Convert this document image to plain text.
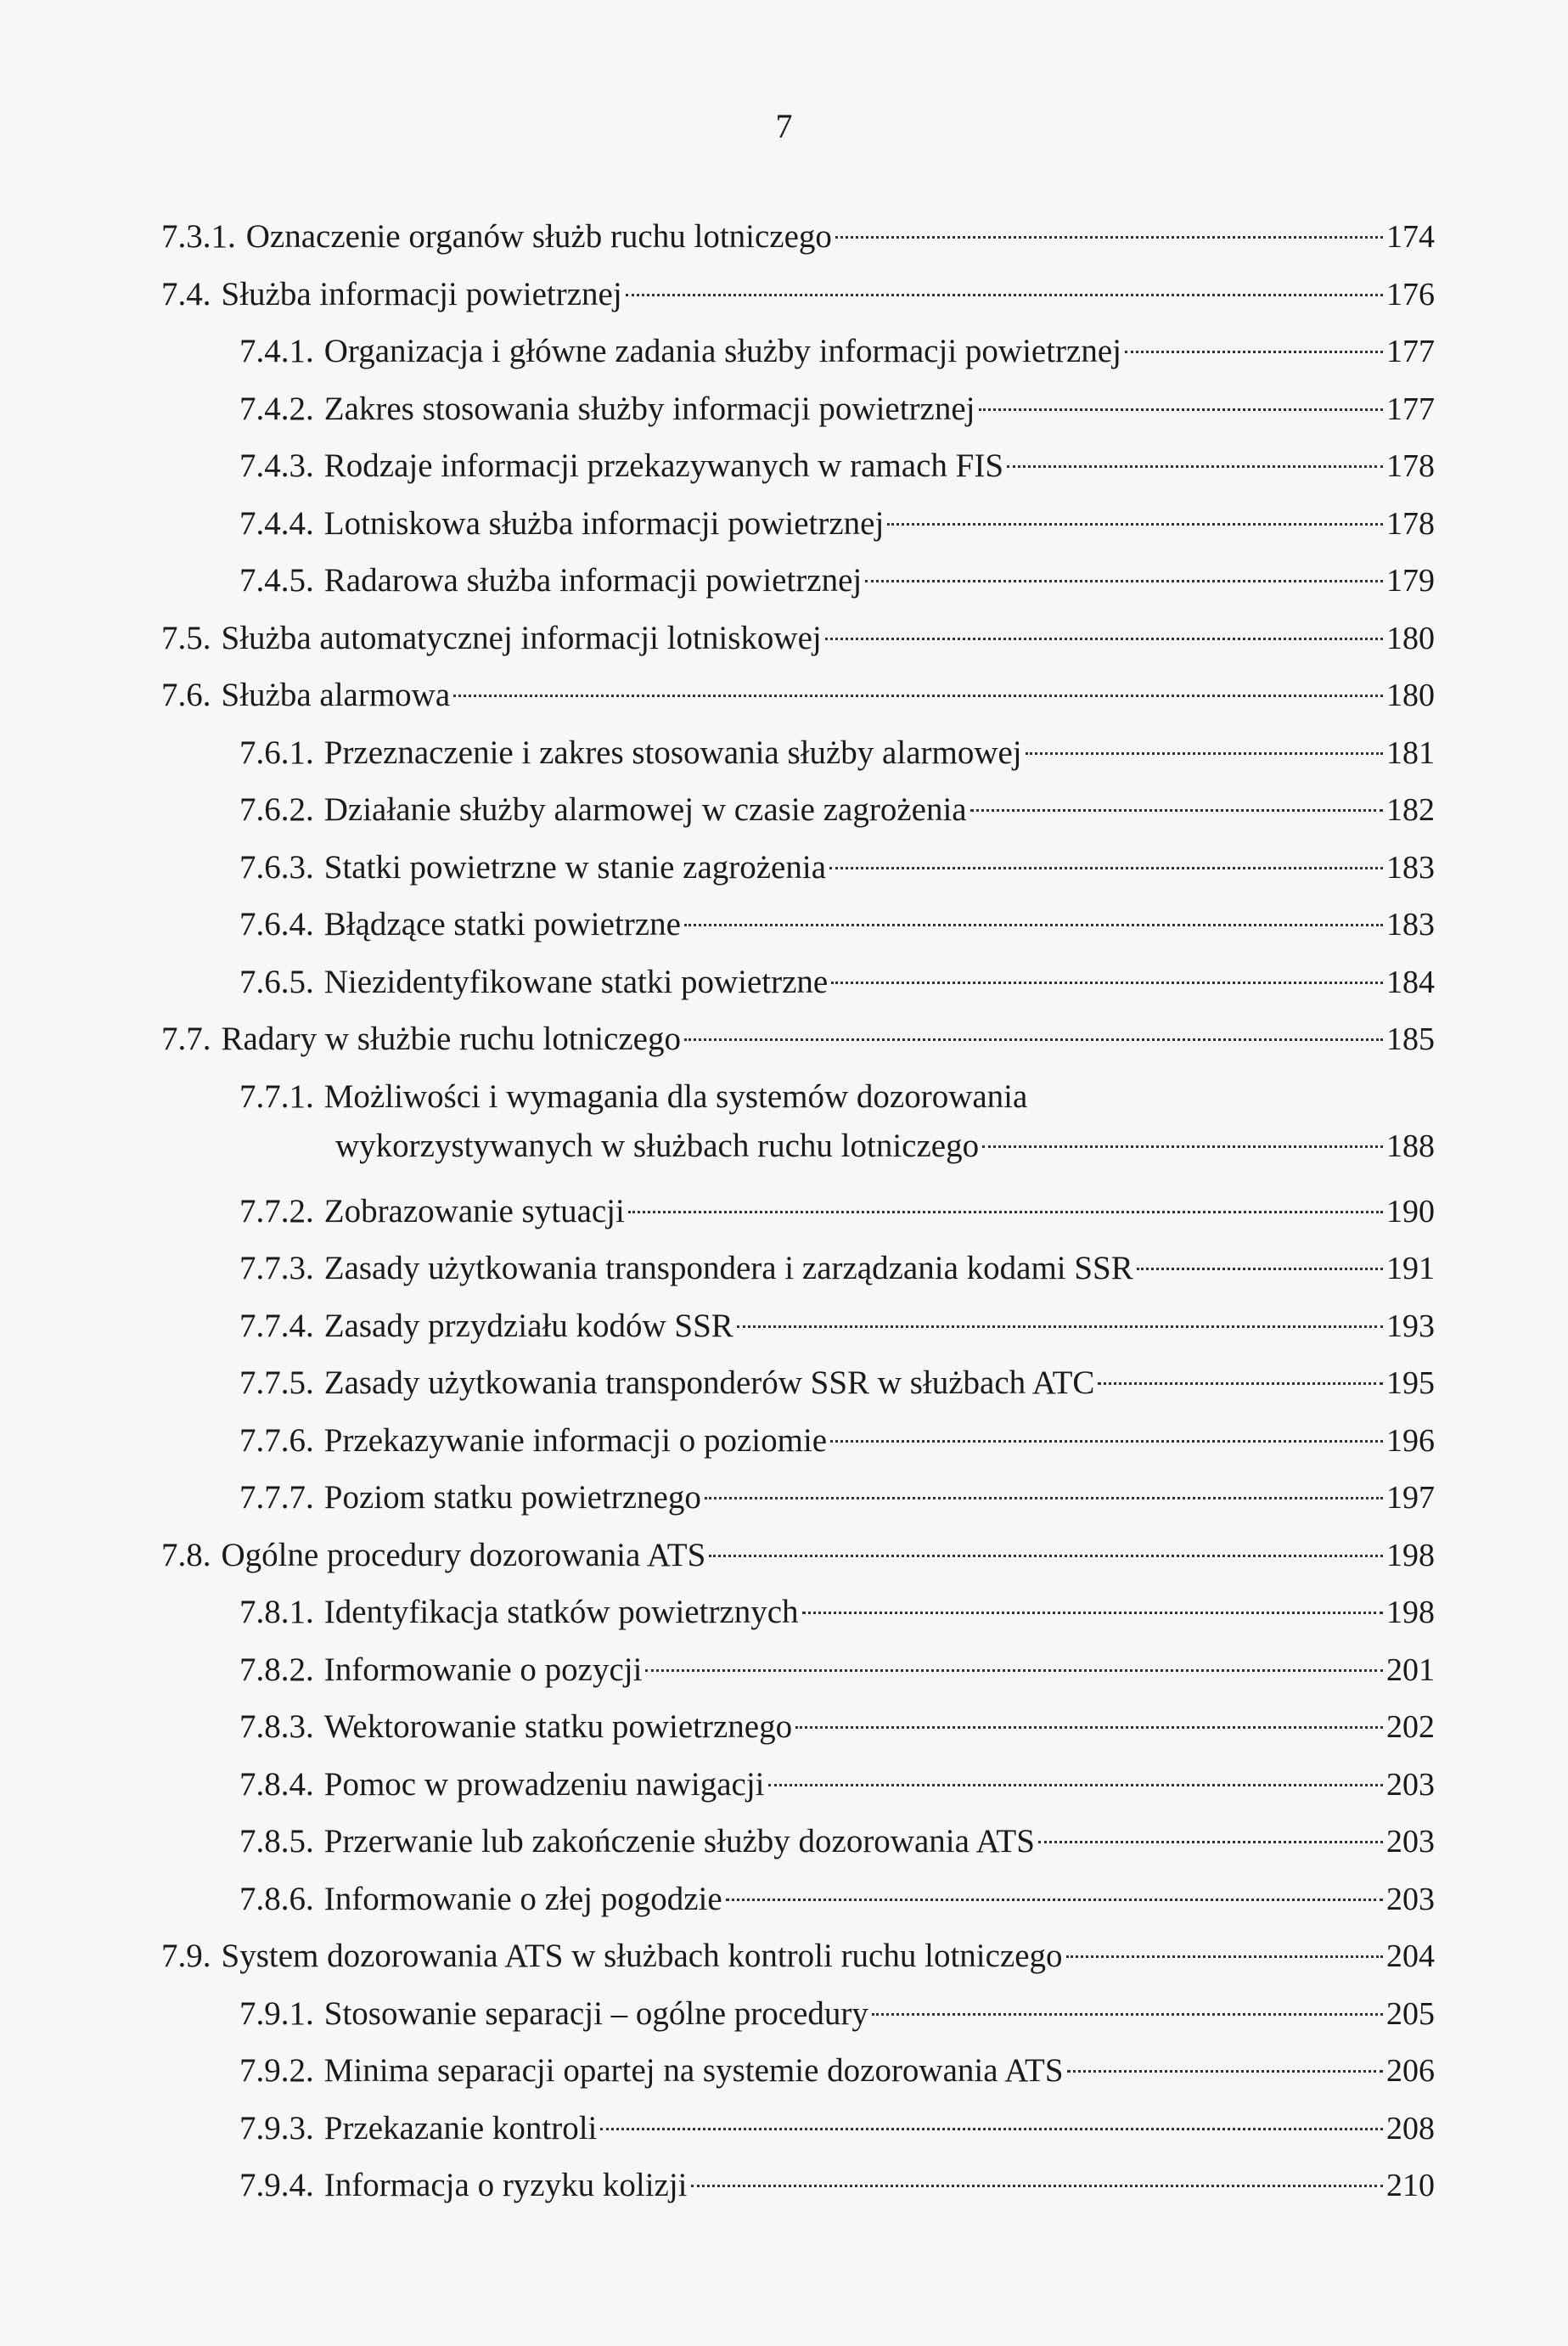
7
7.3.1. Oznaczenie organów służb ruchu lotniczego	174
7.4. Służba informacji powietrznej	176
7.4.1. Organizacja i główne zadania służby informacji powietrznej	177
7.4.2. Zakres stosowania służby informacji powietrznej	177
7.4.3. Rodzaje informacji przekazywanych w ramach FIS	178
7.4.4. Lotniskowa służba informacji powietrznej	178
7.4.5. Radarowa służba informacji powietrznej	179
7.5. Służba automatycznej informacji lotniskowej	180
7.6. Służba alarmowa	180
7.6.1. Przeznaczenie i zakres stosowania służby alarmowej	181
7.6.2. Działanie służby alarmowej w czasie zagrożenia	182
7.6.3. Statki powietrzne w stanie zagrożenia	183
7.6.4. Błądzące statki powietrzne	183
7.6.5. Niezidentyfikowane statki powietrzne	184
7.7. Radary w służbie ruchu lotniczego	185
7.7.1. Możliwości i wymagania dla systemów dozorowania
wykorzystywanych w służbach ruchu lotniczego	188
7.7.2. Zobrazowanie sytuacji	190
7.7.3. Zasady użytkowania transpondera i zarządzania kodami SSR	191
7.7.4. Zasady przydziału kodów SSR	193
7.7.5. Zasady użytkowania transponderów SSR w służbach ATC	195
7.7.6. Przekazywanie informacji o poziomie	196
7.7.7. Poziom statku powietrznego	197
7.8. Ogólne procedury dozorowania ATS	198
7.8.1. Identyfikacja statków powietrznych	198
7.8.2. Informowanie o pozycji	201
7.8.3. Wektorowanie statku powietrznego	202
7.8.4. Pomoc w prowadzeniu nawigacji	203
7.8.5. Przerwanie lub zakończenie służby dozorowania ATS	203
7.8.6. Informowanie o złej pogodzie	203
7.9. System dozorowania ATS w służbach kontroli ruchu lotniczego	204
7.9.1. Stosowanie separacji – ogólne procedury	205
7.9.2. Minima separacji opartej na systemie dozorowania ATS	206
7.9.3. Przekazanie kontroli	208
7.9.4. Informacja o ryzyku kolizji	210
